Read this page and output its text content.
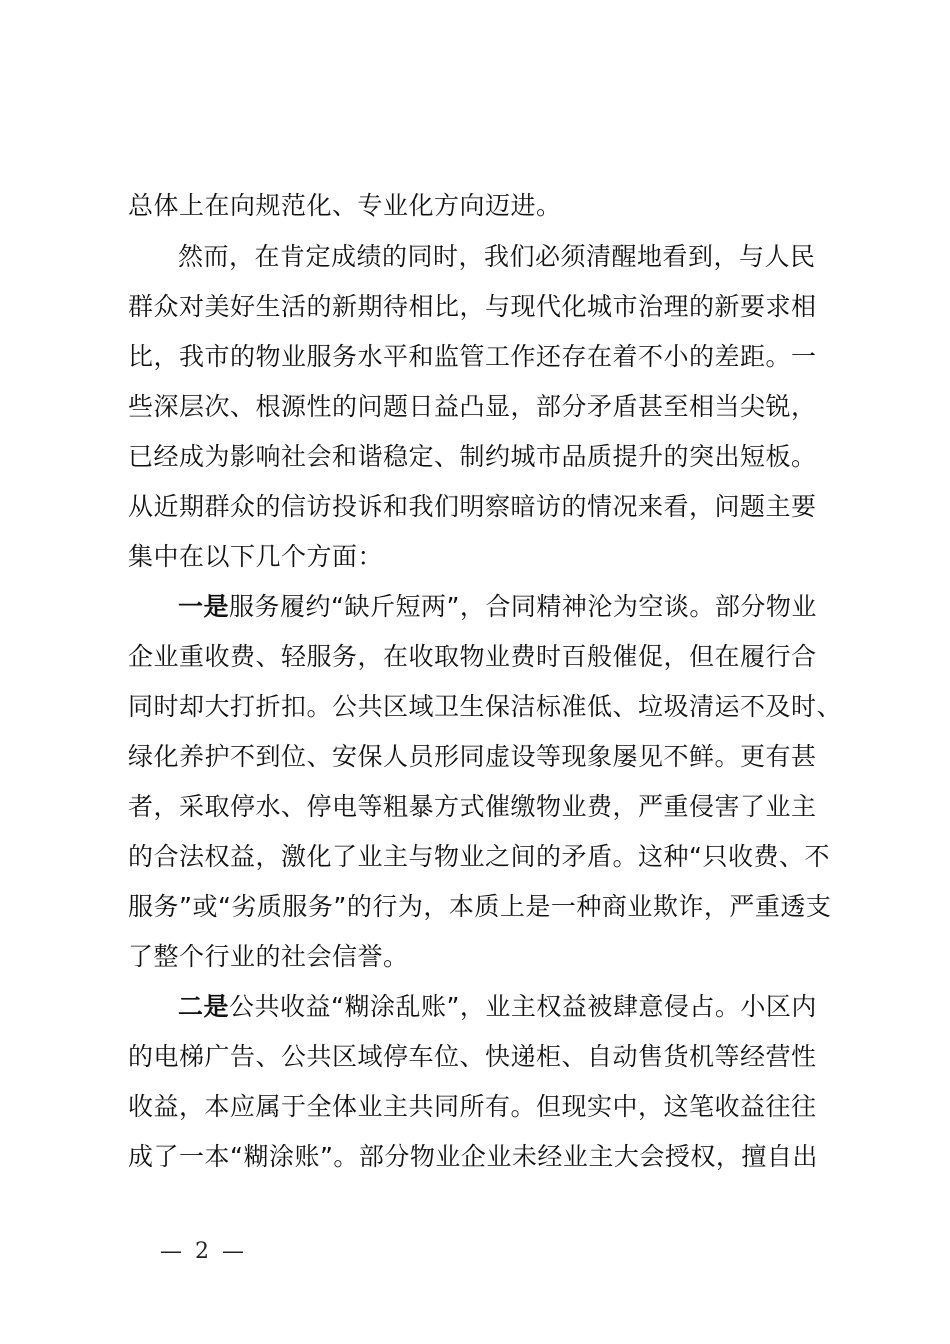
总体上在向规范化、专业化方向迈进。
然而，在肯定成绩的同时，我们必须清醒地看到，与人民
群众对美好生活的新期待相比，与现代化城市治理的新要求相
比，我市的物业服务水平和监管工作还存在着不小的差距。一
些深层次、根源性的问题日益凸显，部分矛盾甚至相当尖锐，
已经成为影响社会和谐稳定、制约城市品质提升的突出短板。
从近期群众的信访投诉和我们明察暗访的情况来看，问题主要
集中在以下几个方面：
一是服务履约“缺斤短两”，合同精神沦为空谈。部分物业
企业重收费、轻服务，在收取物业费时百般催促，但在履行合
同时却大打折扣。公共区域卫生保洁标准低、垃圾清运不及时、
绿化养护不到位、安保人员形同虚设等现象屡见不鲜。更有甚
者，采取停水、停电等粗暴方式催缴物业费，严重侵害了业主
的合法权益，激化了业主与物业之间的矛盾。这种“只收费、不
服务”或“劣质服务”的行为，本质上是一种商业欺诈，严重透支
了整个行业的社会信誉。
二是公共收益“糊涂乱账”，业主权益被肆意侵占。小区内
的电梯广告、公共区域停车位、快递柜、自动售货机等经营性
收益，本应属于全体业主共同所有。但现实中，这笔收益往往
成了一本“糊涂账”。部分物业企业未经业主大会授权，擅自出
— 2 —
